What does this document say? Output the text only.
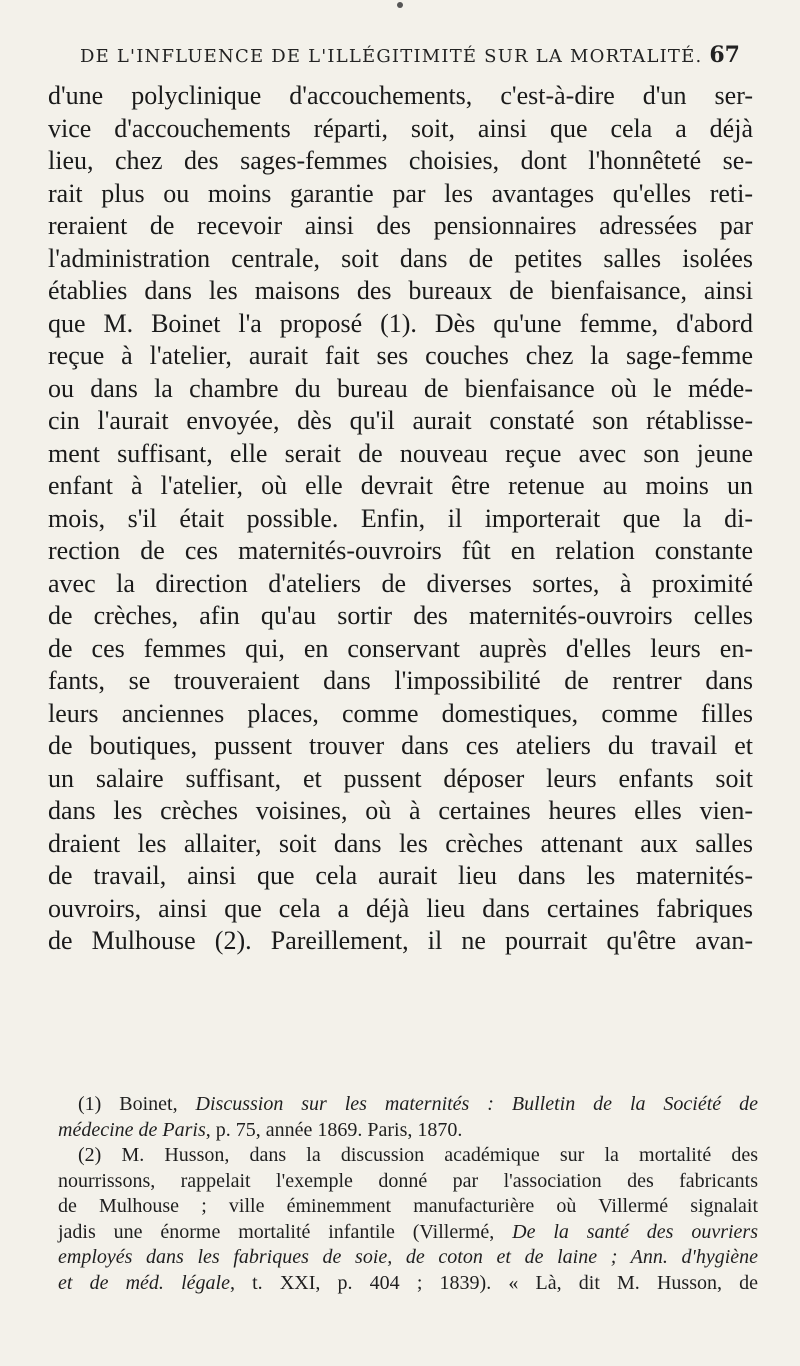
DE L'INFLUENCE DE L'ILLÉGITIMITÉ SUR LA MORTALITÉ. 67
d'une polyclinique d'accouchements, c'est-à-dire d'un ser-
vice d'accouchements réparti, soit, ainsi que cela a déjà
lieu, chez des sages-femmes choisies, dont l'honnêteté se-
rait plus ou moins garantie par les avantages qu'elles reti-
reraient de recevoir ainsi des pensionnaires adressées par
l'administration centrale, soit dans de petites salles isolées
établies dans les maisons des bureaux de bienfaisance, ainsi
que M. Boinet l'a proposé (1). Dès qu'une femme, d'abord
reçue à l'atelier, aurait fait ses couches chez la sage-femme
ou dans la chambre du bureau de bienfaisance où le méde-
cin l'aurait envoyée, dès qu'il aurait constaté son rétablisse-
ment suffisant, elle serait de nouveau reçue avec son jeune
enfant à l'atelier, où elle devrait être retenue au moins un
mois, s'il était possible. Enfin, il importerait que la di-
rection de ces maternités-ouvroirs fût en relation constante
avec la direction d'ateliers de diverses sortes, à proximité
de crèches, afin qu'au sortir des maternités-ouvroirs celles
de ces femmes qui, en conservant auprès d'elles leurs en-
fants, se trouveraient dans l'impossibilité de rentrer dans
leurs anciennes places, comme domestiques, comme filles
de boutiques, pussent trouver dans ces ateliers du travail et
un salaire suffisant, et pussent déposer leurs enfants soit
dans les crèches voisines, où à certaines heures elles vien-
draient les allaiter, soit dans les crèches attenant aux salles
de travail, ainsi que cela aurait lieu dans les maternités-
ouvroirs, ainsi que cela a déjà lieu dans certaines fabriques
de Mulhouse (2). Pareillement, il ne pourrait qu'être avan-
(1) Boinet, Discussion sur les maternités : Bulletin de la Société de
médecine de Paris, p. 75, année 1869. Paris, 1870.
(2) M. Husson, dans la discussion académique sur la mortalité des
nourrissons, rappelait l'exemple donné par l'association des fabricants
de Mulhouse ; ville éminemment manufacturière où Villermé signalait
jadis une énorme mortalité infantile (Villermé, De la santé des ouvriers
employés dans les fabriques de soie, de coton et de laine ; Ann. d'hygiène
et de méd. légale, t. XXI, p. 404 ; 1839). « Là, dit M. Husson, de
